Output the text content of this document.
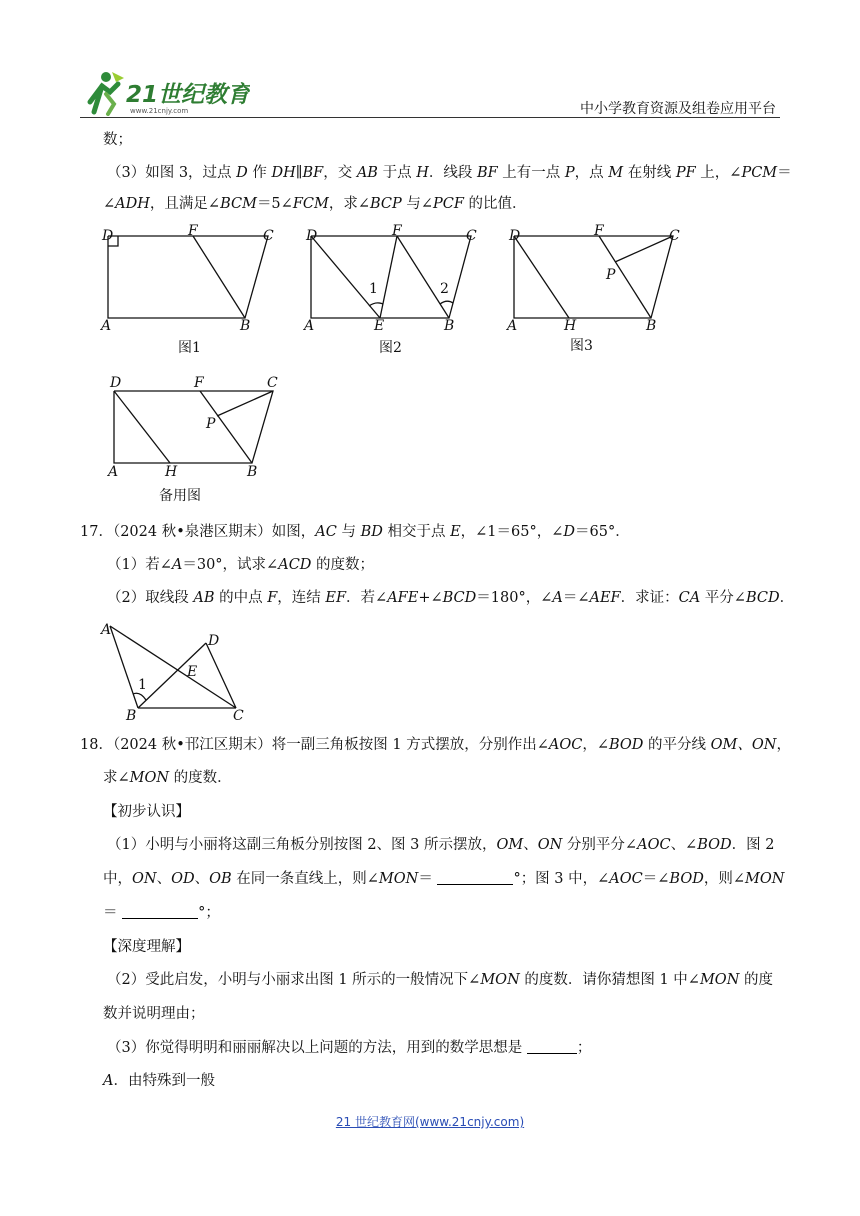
21世纪教育
www.21cnjy.com	中小学教育资源及组卷应用平台
数；
（3）如图 3，过点 D 作 DH∥BF，交 AB 于点 H．线段 BF 上有一点 P，点 M 在射线 PF 上，∠PCM＝
∠ADH，且满足∠BCM＝5∠FCM，求∠BCP 与∠PCF 的比值．
D	F	C
A	B
图1
D	F	C
A	E	B
1	2
图2
D	F	C
P
A	H	B
图3
D	F	C
P
A	H	B
备用图
17．（2024 秋•泉港区期末）如图，AC 与 BD 相交于点 E，∠1＝65°，∠D＝65°．
（1）若∠A＝30°，试求∠ACD 的度数；
（2）取线段 AB 的中点 F，连结 EF．若∠AFE+∠BCD＝180°，∠A＝∠AEF．求证：CA 平分∠BCD．
A
D
E
1
B	C
18．（2024 秋•邗江区期末）将一副三角板按图 1 方式摆放，分别作出∠AOC，∠BOD 的平分线 OM、ON，
求∠MON 的度数．
【初步认识】
（1）小明与小丽将这副三角板分别按图 2、图 3 所示摆放，OM、ON 分别平分∠AOC、∠BOD．图 2
中，ON、OD、OB 在同一条直线上，则∠MON＝	°；图 3 中，∠AOC＝∠BOD，则∠MON
＝	°；
【深度理解】
（2）受此启发，小明与小丽求出图 1 所示的一般情况下∠MON 的度数．请你猜想图 1 中∠MON 的度
数并说明理由；
（3）你觉得明明和丽丽解决以上问题的方法，用到的数学思想是	；
A．由特殊到一般
21 世纪教育网(www.21cnjy.com)
